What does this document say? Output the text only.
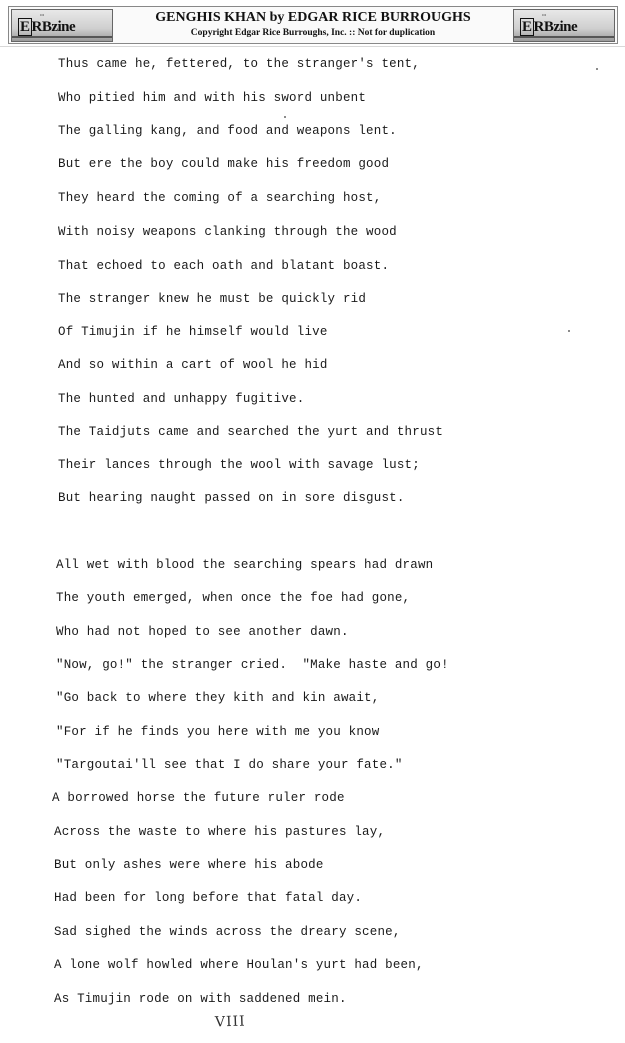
•••
ERBzine
GENGHIS KHAN by EDGAR RICE BURROUGHS
Copyright Edgar Rice Burroughs, Inc. :: Not for duplication
•••
ERBzine
Thus came he, fettered, to the stranger's tent,
Who pitied him and with his sword unbent
The galling kang, and food and weapons lent.
But ere the boy could make his freedom good
They heard the coming of a searching host,
With noisy weapons clanking through the wood
That echoed to each oath and blatant boast.
The stranger knew he must be quickly rid
Of Timujin if he himself would live
And so within a cart of wool he hid
The hunted and unhappy fugitive.
The Taidjuts came and searched the yurt and thrust
Their lances through the wool with savage lust;
But hearing naught passed on in sore disgust.
All wet with blood the searching spears had drawn
The youth emerged, when once the foe had gone,
Who had not hoped to see another dawn.
"Now, go!" the stranger cried.  "Make haste and go!
"Go back to where they kith and kin await,
"For if he finds you here with me you know
"Targoutai'll see that I do share your fate."
A borrowed horse the future ruler rode
Across the waste to where his pastures lay,
But only ashes were where his abode
Had been for long before that fatal day.
Sad sighed the winds across the dreary scene,
A lone wolf howled where Houlan's yurt had been,
As Timujin rode on with saddened mein.
VIII
